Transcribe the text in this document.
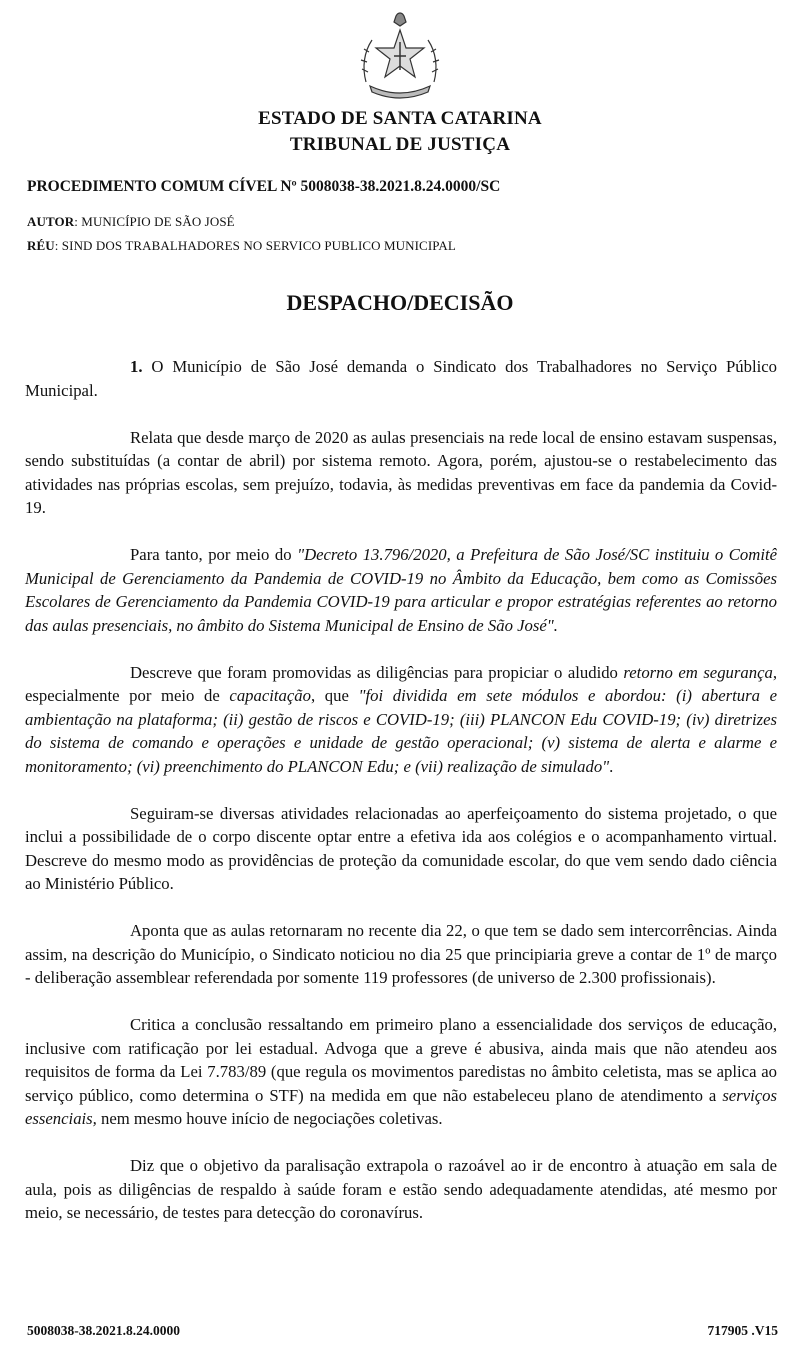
ESTADO DE SANTA CATARINA
TRIBUNAL DE JUSTIÇA
PROCEDIMENTO COMUM CÍVEL Nº 5008038-38.2021.8.24.0000/SC
AUTOR: MUNICÍPIO DE SÃO JOSÉ
RÉU: SIND DOS TRABALHADORES NO SERVICO PUBLICO MUNICIPAL
DESPACHO/DECISÃO

1. O Município de São José demanda o Sindicato dos Trabalhadores no Serviço Público Municipal.

Relata que desde março de 2020 as aulas presenciais na rede local de ensino estavam suspensas, sendo substituídas (a contar de abril) por sistema remoto. Agora, porém, ajustou-se o restabelecimento das atividades nas próprias escolas, sem prejuízo, todavia, às medidas preventivas em face da pandemia da Covid-19.

Para tanto, por meio do "Decreto 13.796/2020, a Prefeitura de São José/SC instituiu o Comitê Municipal de Gerenciamento da Pandemia de COVID-19 no Âmbito da Educação, bem como as Comissões Escolares de Gerenciamento da Pandemia COVID-19 para articular e propor estratégias referentes ao retorno das aulas presenciais, no âmbito do Sistema Municipal de Ensino de São José".

Descreve que foram promovidas as diligências para propiciar o aludido retorno em segurança, especialmente por meio de capacitação, que "foi dividida em sete módulos e abordou: (i) abertura e ambientação na plataforma; (ii) gestão de riscos e COVID-19; (iii) PLANCON Edu COVID-19; (iv) diretrizes do sistema de comando e operações e unidade de gestão operacional; (v) sistema de alerta e alarme e monitoramento; (vi) preenchimento do PLANCON Edu; e (vii) realização de simulado".

Seguiram-se diversas atividades relacionadas ao aperfeiçoamento do sistema projetado, o que inclui a possibilidade de o corpo discente optar entre a efetiva ida aos colégios e o acompanhamento virtual. Descreve do mesmo modo as providências de proteção da comunidade escolar, do que vem sendo dado ciência ao Ministério Público.

Aponta que as aulas retornaram no recente dia 22, o que tem se dado sem intercorrências. Ainda assim, na descrição do Município, o Sindicato noticiou no dia 25 que principiaria greve a contar de 1º de março - deliberação assemblear referendada por somente 119 professores (de universo de 2.300 profissionais).

Critica a conclusão ressaltando em primeiro plano a essencialidade dos serviços de educação, inclusive com ratificação por lei estadual. Advoga que a greve é abusiva, ainda mais que não atendeu aos requisitos de forma da Lei 7.783/89 (que regula os movimentos paredistas no âmbito celetista, mas se aplica ao serviço público, como determina o STF) na medida em que não estabeleceu plano de atendimento a serviços essenciais, nem mesmo houve início de negociações coletivas.

Diz que o objetivo da paralisação extrapola o razoável ao ir de encontro à atuação em sala de aula, pois as diligências de respaldo à saúde foram e estão sendo adequadamente atendidas, até mesmo por meio, se necessário, de testes para detecção do coronavírus.

5008038-38.2021.8.24.0000	717905 .V15
